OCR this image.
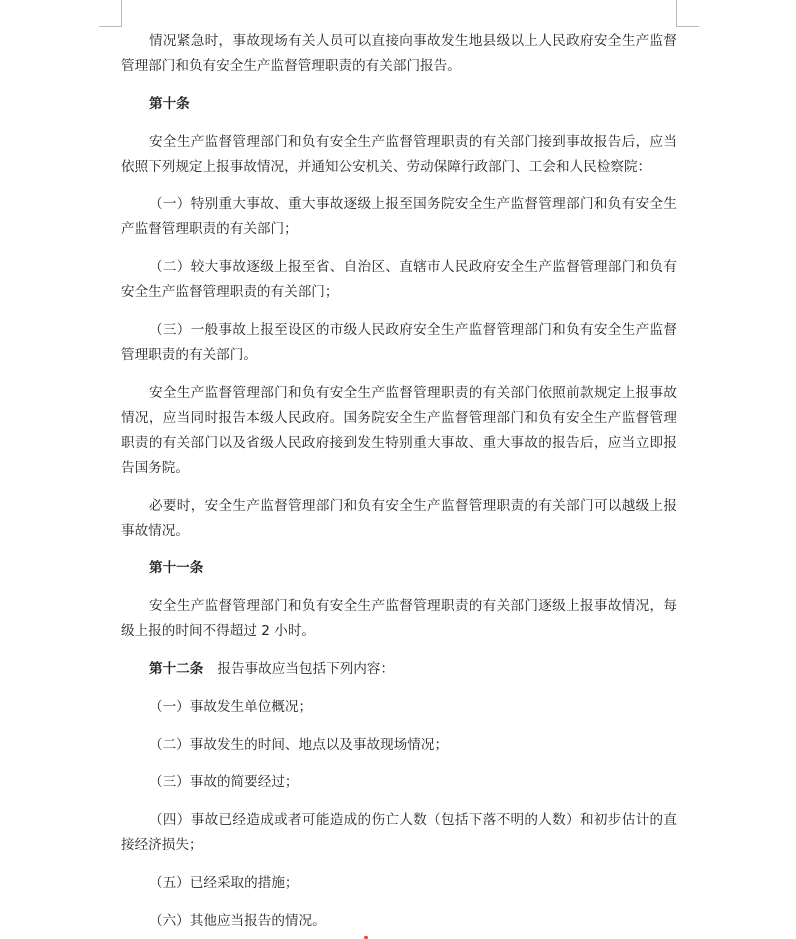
情况紧急时，事故现场有关人员可以直接向事故发生地县级以上人民政府安全生产监督管理部门和负有安全生产监督管理职责的有关部门报告。

第十条

安全生产监督管理部门和负有安全生产监督管理职责的有关部门接到事故报告后，应当依照下列规定上报事故情况，并通知公安机关、劳动保障行政部门、工会和人民检察院：

（一）特别重大事故、重大事故逐级上报至国务院安全生产监督管理部门和负有安全生产监督管理职责的有关部门；

（二）较大事故逐级上报至省、自治区、直辖市人民政府安全生产监督管理部门和负有安全生产监督管理职责的有关部门；

（三）一般事故上报至设区的市级人民政府安全生产监督管理部门和负有安全生产监督管理职责的有关部门。

安全生产监督管理部门和负有安全生产监督管理职责的有关部门依照前款规定上报事故情况，应当同时报告本级人民政府。国务院安全生产监督管理部门和负有安全生产监督管理职责的有关部门以及省级人民政府接到发生特别重大事故、重大事故的报告后，应当立即报告国务院。

必要时，安全生产监督管理部门和负有安全生产监督管理职责的有关部门可以越级上报事故情况。

第十一条

安全生产监督管理部门和负有安全生产监督管理职责的有关部门逐级上报事故情况，每级上报的时间不得超过 2 小时。

第十二条 报告事故应当包括下列内容：

（一）事故发生单位概况；

（二）事故发生的时间、地点以及事故现场情况；

（三）事故的简要经过；

（四）事故已经造成或者可能造成的伤亡人数（包括下落不明的人数）和初步估计的直接经济损失；

（五）已经采取的措施；

（六）其他应当报告的情况。
